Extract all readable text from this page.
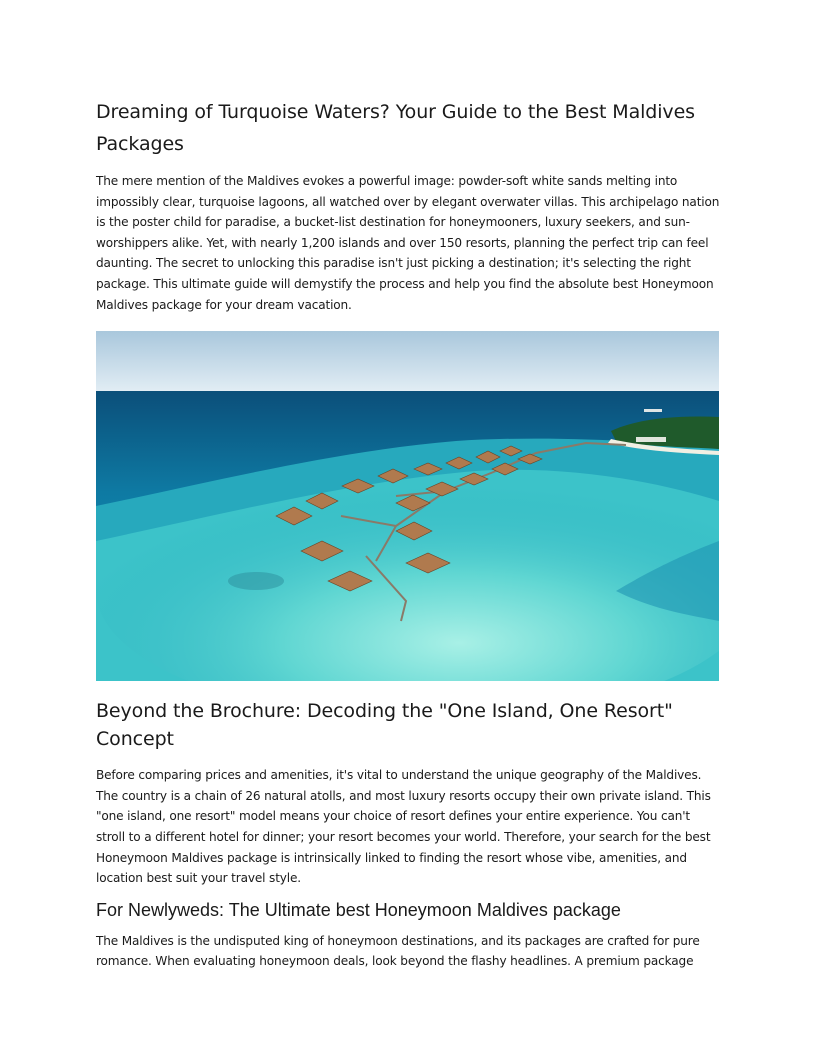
Dreaming of Turquoise Waters? Your Guide to the Best Maldives Packages

The mere mention of the Maldives evokes a powerful image: powder-soft white sands melting into impossibly clear, turquoise lagoons, all watched over by elegant overwater villas. This archipelago nation is the poster child for paradise, a bucket-list destination for honeymooners, luxury seekers, and sun-worshippers alike. Yet, with nearly 1,200 islands and over 150 resorts, planning the perfect trip can feel daunting. The secret to unlocking this paradise isn't just picking a destination; it's selecting the right package. This ultimate guide will demystify the process and help you find the absolute best Honeymoon Maldives package for your dream vacation.

Beyond the Brochure: Decoding the "One Island, One Resort" Concept

Before comparing prices and amenities, it's vital to understand the unique geography of the Maldives. The country is a chain of 26 natural atolls, and most luxury resorts occupy their own private island. This "one island, one resort" model means your choice of resort defines your entire experience. You can't stroll to a different hotel for dinner; your resort becomes your world. Therefore, your search for the best Honeymoon Maldives package is intrinsically linked to finding the resort whose vibe, amenities, and location best suit your travel style.

For Newlyweds: The Ultimate best Honeymoon Maldives package

The Maldives is the undisputed king of honeymoon destinations, and its packages are crafted for pure romance. When evaluating honeymoon deals, look beyond the flashy headlines. A premium package
